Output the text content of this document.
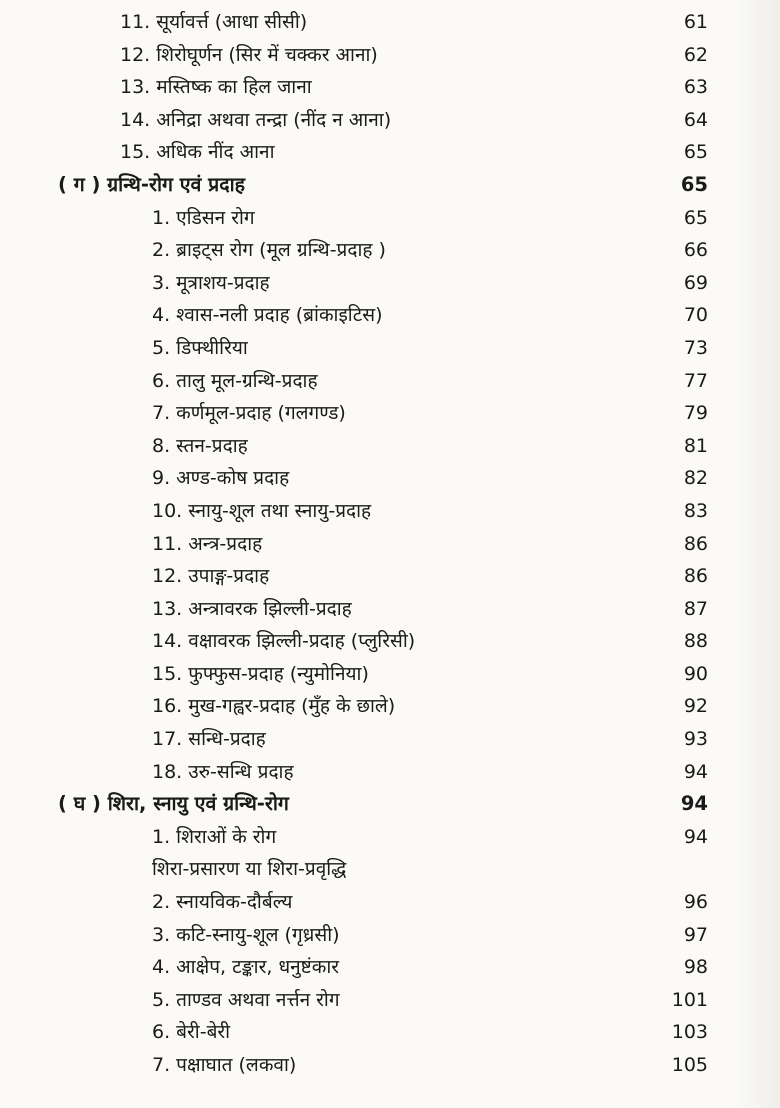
11. सूर्यावर्त्त (आधा सीसी)	61
12. शिरोघूर्णन (सिर में चक्कर आना)	62
13. मस्तिष्क का हिल जाना	63
14. अनिद्रा अथवा तन्द्रा (नींद न आना)	64
15. अधिक नींद आना	65
( ग ) ग्रन्थि-रोग एवं प्रदाह	65
1. एडिसन रोग	65
2. ब्राइट्स रोग (मूल ग्रन्थि-प्रदाह )	66
3. मूत्राशय-प्रदाह	69
4. श्वास-नली प्रदाह (ब्रांकाइटिस)	70
5. डिफ्थीरिया	73
6. तालु मूल-ग्रन्थि-प्रदाह	77
7. कर्णमूल-प्रदाह (गलगण्ड)	79
8. स्तन-प्रदाह	81
9. अण्ड-कोष प्रदाह	82
10. स्नायु-शूल तथा स्नायु-प्रदाह	83
11. अन्त्र-प्रदाह	86
12. उपाङ्ग-प्रदाह	86
13. अन्त्रावरक झिल्ली-प्रदाह	87
14. वक्षावरक झिल्ली-प्रदाह (प्लुरिसी)	88
15. फुफ्फुस-प्रदाह (न्युमोनिया)	90
16. मुख-गह्वर-प्रदाह (मुँह के छाले)	92
17. सन्धि-प्रदाह	93
18. उरु-सन्धि प्रदाह	94
( घ ) शिरा, स्नायु एवं ग्रन्थि-रोग	94
1. शिराओं के रोग	94
शिरा-प्रसारण या शिरा-प्रवृद्धि
2. स्नायविक-दौर्बल्य	96
3. कटि-स्नायु-शूल (गृध्रसी)	97
4. आक्षेप, टङ्कार, धनुष्टंकार	98
5. ताण्डव अथवा नर्त्तन रोग	101
6. बेरी-बेरी	103
7. पक्षाघात (लकवा)	105
